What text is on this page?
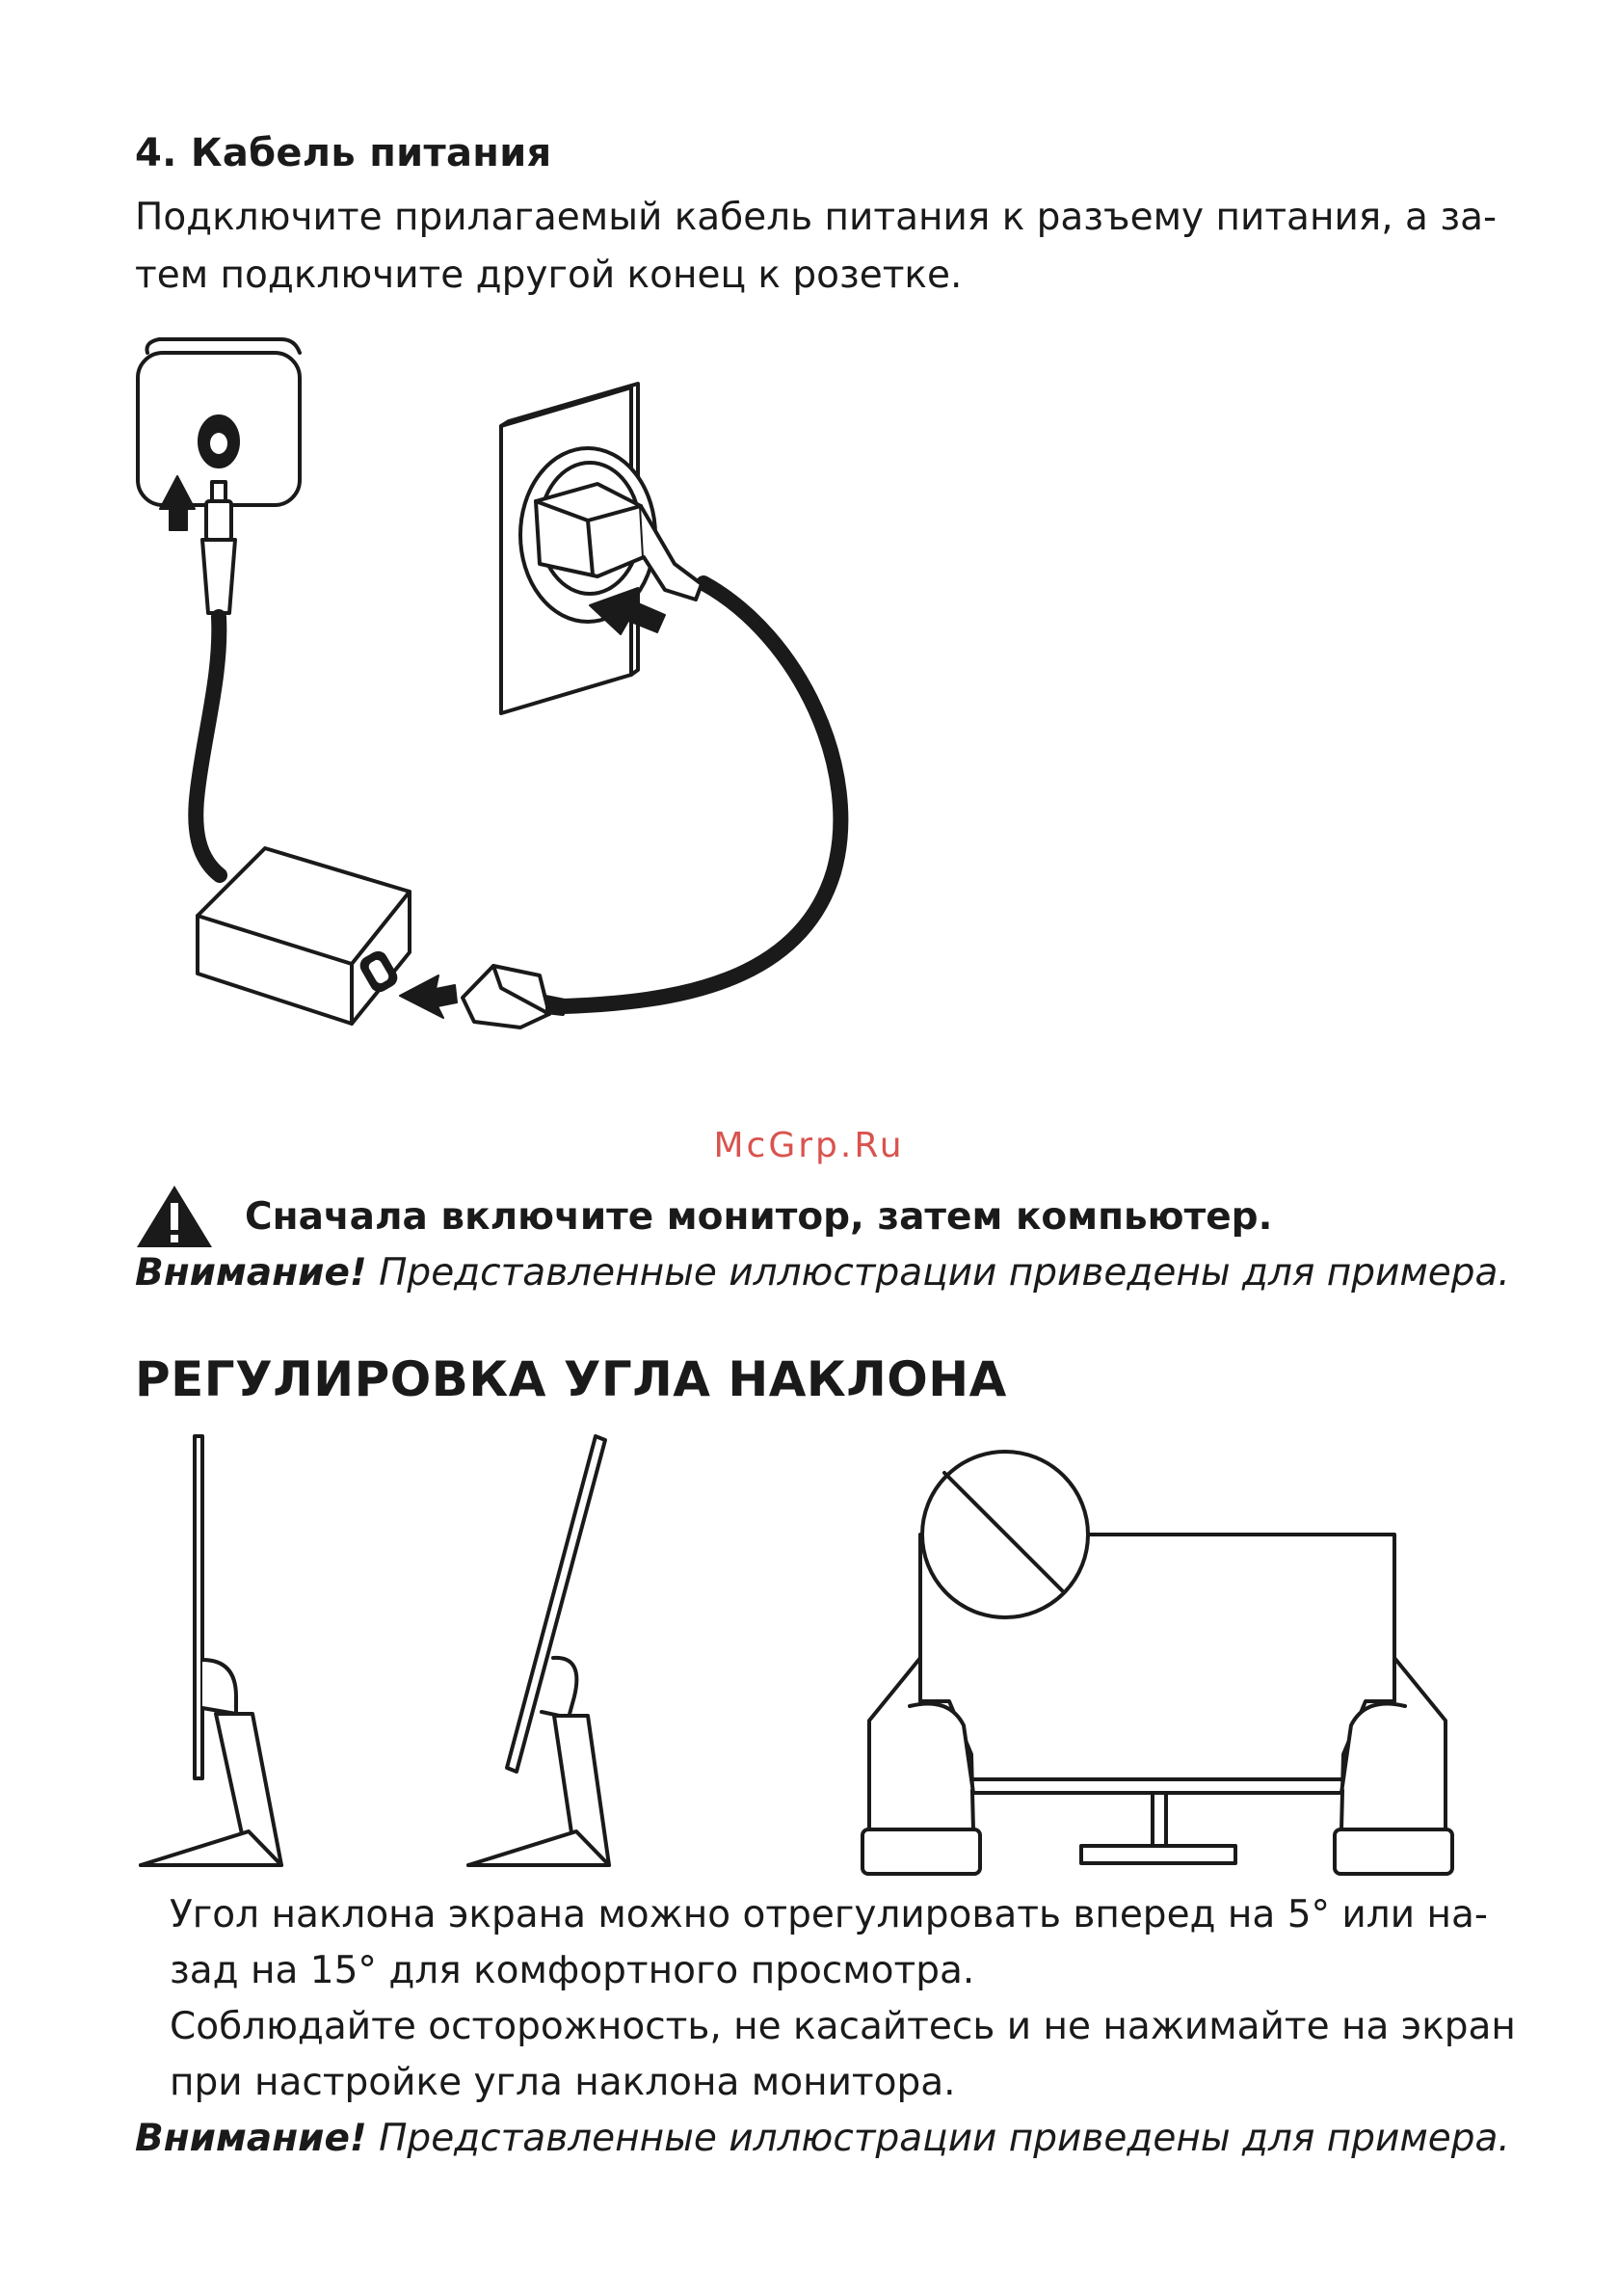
4. Кабель питания

Подключите прилагаемый кабель питания к разъему питания, а за-
тем подключите другой конец к розетке.

McGrp.Ru
Сначала включите монитор, затем компьютер.
Внимание! Представленные иллюстрации приведены для примера.
РЕГУЛИРОВКА УГЛА НАКЛОНА

Угол наклона экрана можно отрегулировать вперед на 5° или на-
зад на 15° для комфортного просмотра.
Соблюдайте осторожность, не касайтесь и не нажимайте на экран
при настройке угла наклона монитора.

Внимание! Представленные иллюстрации приведены для примера.
